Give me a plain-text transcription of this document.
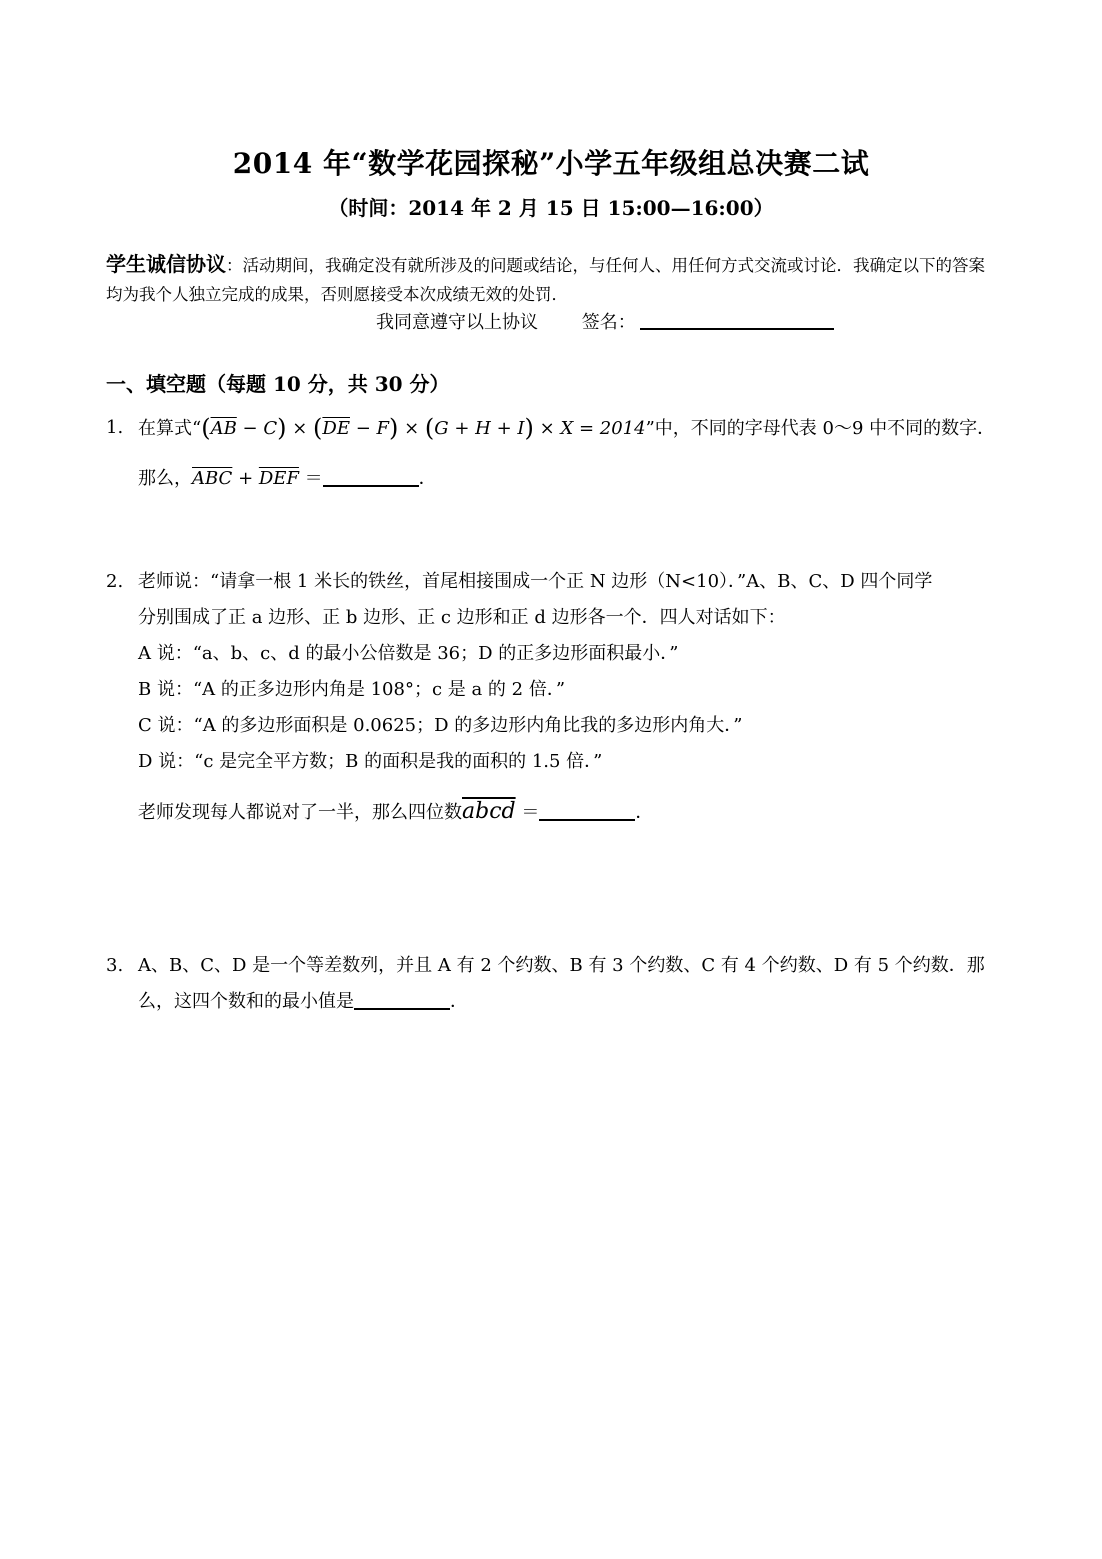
2014 年“数学花园探秘”小学五年级组总决赛二试
（时间：2014 年 2 月 15 日 15:00—16:00）
学生诚信协议：活动期间，我确定没有就所涉及的问题或结论，与任何人、用任何方式交流或讨论．我确定以下的答案均为我个人独立完成的成果，否则愿接受本次成绩无效的处罚．
我同意遵守以上协议 签名：
一、填空题（每题 10 分，共 30 分）
1. 在算式“$(\overline{AB} - C) \times (\overline{DE} - F) \times (G + H + I) \times X = 2014$”中，不同的字母代表 0～9 中不同的数字．
那么，$\overline{ABC} + \overline{DEF}$ ＝	．
2. 老师说：“请拿一根 1 米长的铁丝，首尾相接围成一个正 N 边形（N<10）．”A、B、C、D 四个同学
分别围成了正 a 边形、正 b 边形、正 c 边形和正 d 边形各一个．四人对话如下：
A 说：“a、b、c、d 的最小公倍数是 36；D 的正多边形面积最小．”
B 说：“A 的正多边形内角是 108°；c 是 a 的 2 倍．”
C 说：“A 的多边形面积是 0.0625；D 的多边形内角比我的多边形内角大．”
D 说：“c 是完全平方数；B 的面积是我的面积的 1.5 倍．”
老师发现每人都说对了一半，那么四位数abcd ＝	．
3. A、B、C、D 是一个等差数列，并且 A 有 2 个约数、B 有 3 个约数、C 有 4 个约数、D 有 5 个约数．那
么，这四个数和的最小值是	．
